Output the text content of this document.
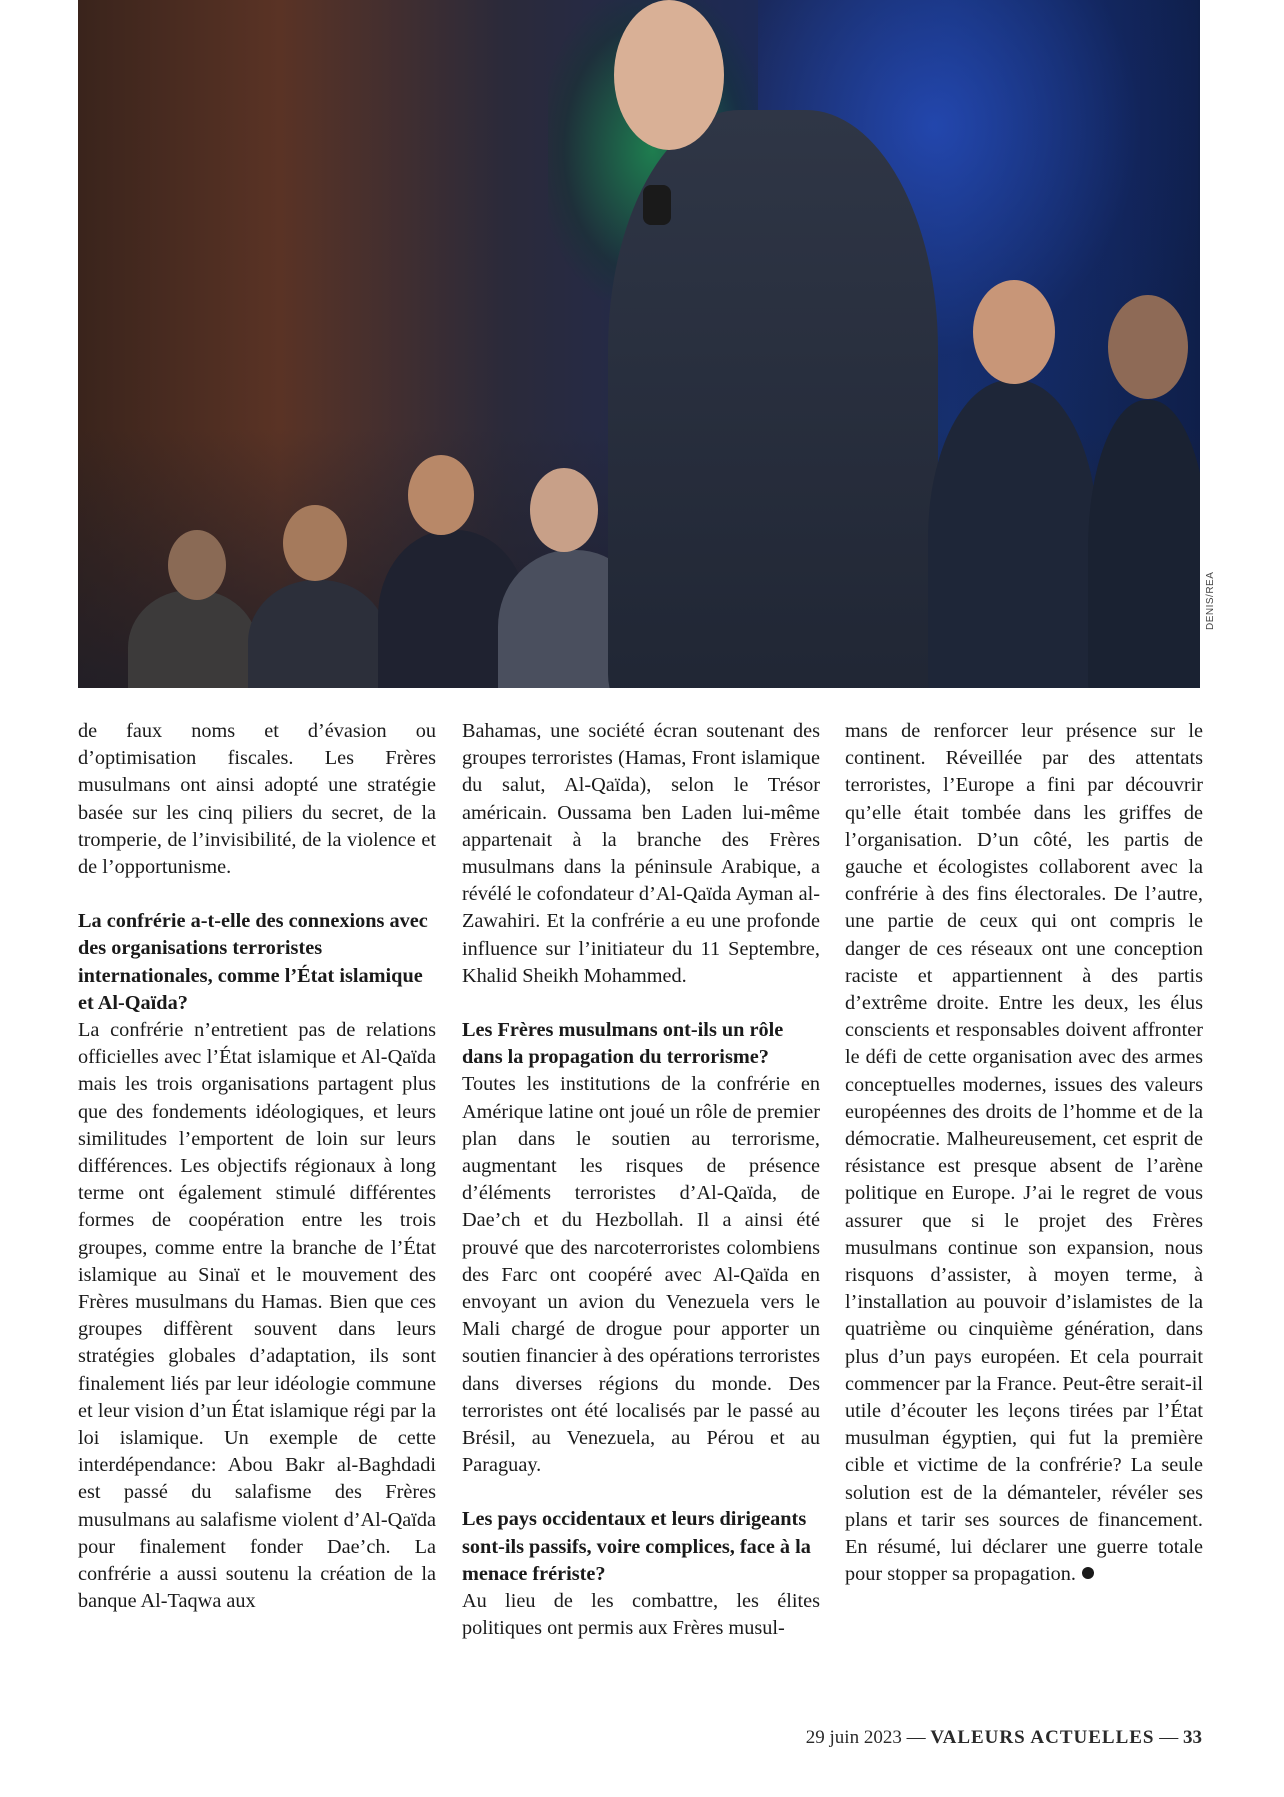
DENIS/REA

de faux noms et d’évasion ou d’optimisation fiscales. Les Frères musulmans ont ainsi adopté une stratégie basée sur les cinq piliers du secret, de la tromperie, de l’invisibilité, de la violence et de l’opportunisme.

La confrérie a-t-elle des connexions avec des organisations terroristes internationales, comme l’État islamique et Al-Qaïda?

La confrérie n’entretient pas de relations officielles avec l’État islamique et Al-Qaïda mais les trois organisations partagent plus que des fondements idéologiques, et leurs similitudes l’emportent de loin sur leurs différences. Les objectifs régionaux à long terme ont également stimulé différentes formes de coopération entre les trois groupes, comme entre la branche de l’État islamique au Sinaï et le mouvement des Frères musulmans du Hamas. Bien que ces groupes diffèrent souvent dans leurs stratégies globales d’adaptation, ils sont finalement liés par leur idéologie commune et leur vision d’un État islamique régi par la loi islamique. Un exemple de cette interdépendance: Abou Bakr al-Baghdadi est passé du salafisme des Frères musulmans au salafisme violent d’Al-Qaïda pour finalement fonder Dae’ch. La confrérie a aussi soutenu la création de la banque Al-Taqwa aux

Bahamas, une société écran soutenant des groupes terroristes (Hamas, Front islamique du salut, Al-Qaïda), selon le Trésor américain. Oussama ben Laden lui-même appartenait à la branche des Frères musulmans dans la péninsule Arabique, a révélé le cofondateur d’Al-Qaïda Ayman al-Zawahiri. Et la confrérie a eu une profonde influence sur l’initiateur du 11 Septembre, Khalid Sheikh Mohammed.

Les Frères musulmans ont-ils un rôle dans la propagation du terrorisme?

Toutes les institutions de la confrérie en Amérique latine ont joué un rôle de premier plan dans le soutien au terrorisme, augmentant les risques de présence d’éléments terroristes d’Al-Qaïda, de Dae’ch et du Hezbollah. Il a ainsi été prouvé que des narcoterroristes colombiens des Farc ont coopéré avec Al-Qaïda en envoyant un avion du Venezuela vers le Mali chargé de drogue pour apporter un soutien financier à des opérations terroristes dans diverses régions du monde. Des terroristes ont été localisés par le passé au Brésil, au Venezuela, au Pérou et au Paraguay.

Les pays occidentaux et leurs dirigeants sont-ils passifs, voire complices, face à la menace frériste?

Au lieu de les combattre, les élites politiques ont permis aux Frères musul-

mans de renforcer leur présence sur le continent. Réveillée par des attentats terroristes, l’Europe a fini par découvrir qu’elle était tombée dans les griffes de l’organisation. D’un côté, les partis de gauche et écologistes collaborent avec la confrérie à des fins électorales. De l’autre, une partie de ceux qui ont compris le danger de ces réseaux ont une conception raciste et appartiennent à des partis d’extrême droite. Entre les deux, les élus conscients et responsables doivent affronter le défi de cette organisation avec des armes conceptuelles modernes, issues des valeurs européennes des droits de l’homme et de la démocratie. Malheureusement, cet esprit de résistance est presque absent de l’arène politique en Europe. J’ai le regret de vous assurer que si le projet des Frères musulmans continue son expansion, nous risquons d’assister, à moyen terme, à l’installation au pouvoir d’islamistes de la quatrième ou cinquième génération, dans plus d’un pays européen. Et cela pourrait commencer par la France. Peut-être serait-il utile d’écouter les leçons tirées par l’État musulman égyptien, qui fut la première cible et victime de la confrérie? La seule solution est de la démanteler, révéler ses plans et tarir ses sources de financement. En résumé, lui déclarer une guerre totale pour stopper sa propagation.

29 juin 2023 — VALEURS ACTUELLES — 33
